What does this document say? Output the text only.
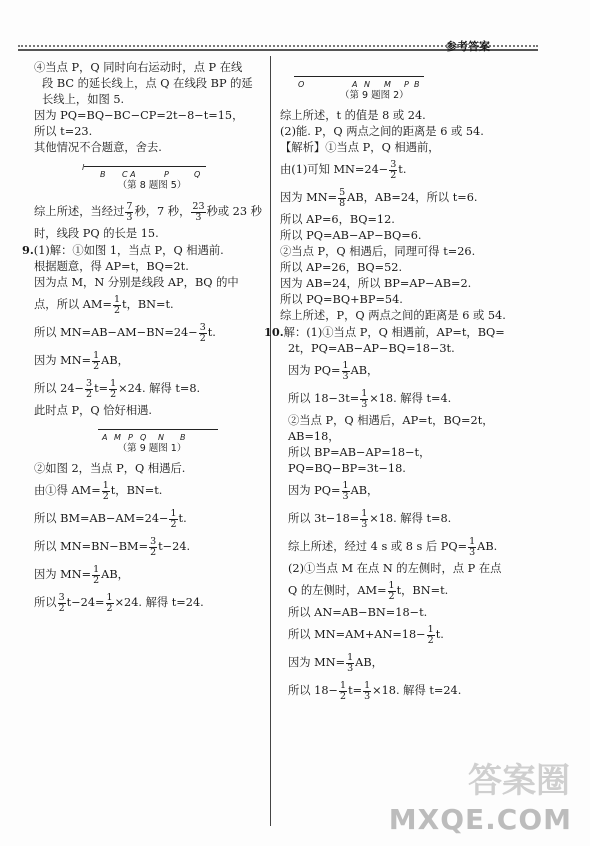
参考答案

④当点 P，Q 同时向右运动时，点 P 在线

段 BC 的延长线上，点 Q 在线段 BP 的延

长线上，如图 5.

因为 PQ=BQ−BC−CP=2t−8−t=15，

所以 t=23.

其他情况不合题意，舍去.

l
B C A	P	Q
（第 8 题图 5）

综上所述，当经过 $\frac{7}{3}$ 秒，7 秒， $\frac{23}{3}$ 秒或 23 秒

时，线段 PQ 的长是 15.

9.(1)解：①如图 1，当点 P，Q 相遇前.

根据题意，得 AP=t，BQ=2t.

因为点 M，N 分别是线段 AP，BQ 的中

点，所以 $AM= \frac{1}{2}$ t，BN=t.

所以 $MN=AB-AM-BN=24- \frac{3}{2} t$.

因为 $MN= \frac{1}{2}$ AB，

所以 $24- \frac{3}{2} t= \frac{1}{2} \times 24$. 解得 t=8.

此时点 P，Q 恰好相遇.

A M P Q N B
（第 9 题图 1）

②如图 2，当点 P，Q 相遇后.

由①得 $AM= \frac{1}{2}$ t，BN=t.

所以 $BM=AB-AM=24- \frac{1}{2} t$.

所以 $MN=BN-BM= \frac{3}{2} t-24$.

因为 $MN= \frac{1}{2}$ AB，

所以 $\frac{3}{2} t-24= \frac{1}{2} \times 24$. 解得 t=24.

O	A N M P B
（第 9 题图 2）

综上所述，t 的值是 8 或 24.

(2)能. P，Q 两点之间的距离是 6 或 54.

【解析】①当点 P，Q 相遇前，

由(1)可知 $MN=24- \frac{3}{2} t$.

因为 $MN= \frac{5}{8}$ AB，AB=24，所以 t=6.

所以 AP=6，BQ=12.

所以 PQ=AB−AP−BQ=6.

②当点 P，Q 相遇后，同理可得 t=26.

所以 AP=26，BQ=52.

因为 AB=24，所以 BP=AP−AB=2.

所以 PQ=BQ+BP=54.

综上所述，P，Q 两点之间的距离是 6 或 54.

10.解：(1)①当点 P，Q 相遇前，AP=t，BQ=

2t，PQ=AB−AP−BQ=18−3t.

因为 $PQ= \frac{1}{3}$ AB，

所以 $18-3t= \frac{1}{3} \times 18$. 解得 t=4.

②当点 P，Q 相遇后，AP=t，BQ=2t，

AB=18，

所以 BP=AB−AP=18−t，

PQ=BQ−BP=3t−18.

因为 $PQ= \frac{1}{3}$ AB，

所以 $3t-18= \frac{1}{3} \times 18$. 解得 t=8.

综上所述，经过 4 s 或 8 s 后 $PQ= \frac{1}{3}$ AB.

(2)①当点 M 在点 N 的左侧时，点 P 在点

Q 的左侧时，$AM= \frac{1}{2}$ t，BN=t.

所以 AN=AB−BN=18−t.

所以 $MN=AM+AN=18- \frac{1}{2} t$.

因为 $MN= \frac{1}{3}$ AB，

所以 $18- \frac{1}{2} t= \frac{1}{3} \times 18$. 解得 t=24.

答案圈
MXQE.COM
